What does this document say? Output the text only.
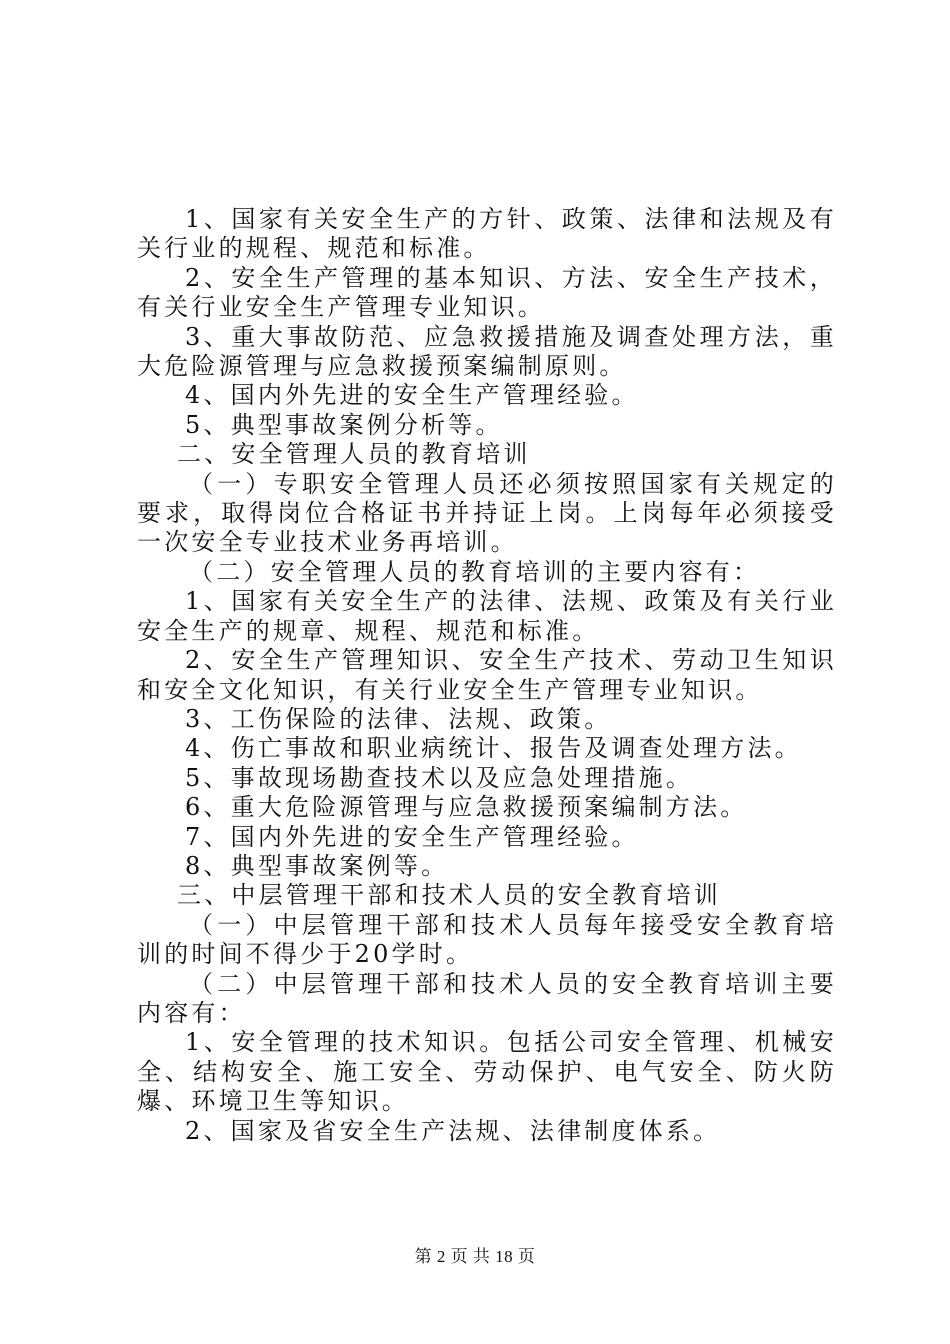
1、国家有关安全生产的方针、政策、法律和法规及有关行业的规程、规范和标准。

2、安全生产管理的基本知识、方法、安全生产技术，有关行业安全生产管理专业知识。

3、重大事故防范、应急救援措施及调查处理方法，重大危险源管理与应急救援预案编制原则。

4、国内外先进的安全生产管理经验。

5、典型事故案例分析等。

二、安全管理人员的教育培训

（一）专职安全管理人员还必须按照国家有关规定的要求，取得岗位合格证书并持证上岗。上岗每年必须接受一次安全专业技术业务再培训。

（二）安全管理人员的教育培训的主要内容有：

1、国家有关安全生产的法律、法规、政策及有关行业安全生产的规章、规程、规范和标准。

2、安全生产管理知识、安全生产技术、劳动卫生知识和安全文化知识，有关行业安全生产管理专业知识。

3、工伤保险的法律、法规、政策。

4、伤亡事故和职业病统计、报告及调查处理方法。

5、事故现场勘查技术以及应急处理措施。

6、重大危险源管理与应急救援预案编制方法。

7、国内外先进的安全生产管理经验。

8、典型事故案例等。

三、中层管理干部和技术人员的安全教育培训

（一）中层管理干部和技术人员每年接受安全教育培训的时间不得少于20学时。

（二）中层管理干部和技术人员的安全教育培训主要内容有：

1、安全管理的技术知识。包括公司安全管理、机械安全、结构安全、施工安全、劳动保护、电气安全、防火防爆、环境卫生等知识。

2、国家及省安全生产法规、法律制度体系。

第 2 页 共 18 页
